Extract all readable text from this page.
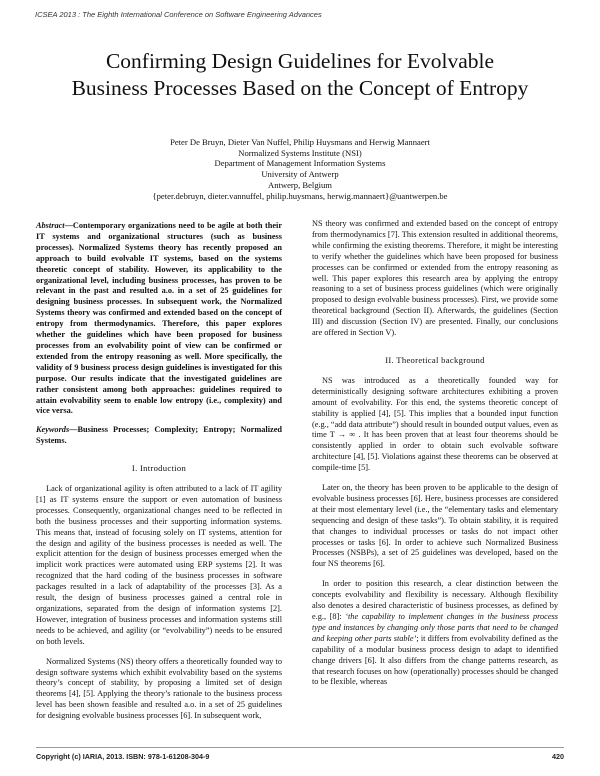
ICSEA 2013 : The Eighth International Conference on Software Engineering Advances
Confirming Design Guidelines for Evolvable
Business Processes Based on the Concept of Entropy
Peter De Bruyn, Dieter Van Nuffel, Philip Huysmans and Herwig Mannaert
Normalized Systems Institute (NSI)
Department of Management Information Systems
University of Antwerp
Antwerp, Belgium
{peter.debruyn, dieter.vannuffel, philip.huysmans, herwig.mannaert}@uantwerpen.be

Abstract—Contemporary organizations need to be agile at both their IT systems and organizational structures (such as business processes). Normalized Systems theory has recently proposed an approach to build evolvable IT systems, based on the systems theoretic concept of stability. However, its applicability to the organizational level, including business processes, has proven to be relevant in the past and resulted a.o. in a set of 25 guidelines for designing business processes. In subsequent work, the Normalized Systems theory was confirmed and extended based on the concept of entropy from thermodynamics. Therefore, this paper explores whether the guidelines which have been proposed for business processes from an evolvability point of view can be confirmed or extended from the entropy reasoning as well. More specifically, the validity of 9 business process design guidelines is investigated for this purpose. Our results indicate that the investigated guidelines are rather consistent among both approaches: guidelines required to attain evolvability seem to enable low entropy (i.e., complexity) and vice versa.

Keywords—Business Processes; Complexity; Entropy; Normalized Systems.

I. Introduction

Lack of organizational agility is often attributed to a lack of IT agility [1] as IT systems ensure the support or even automation of business processes. Consequently, organizational changes need to be reflected in both the business processes and their supporting information systems. This means that, instead of focusing solely on IT systems, attention for the design and agility of the business processes is needed as well. The explicit attention for the design of business processes emerged when the implicit work practices were automated using ERP systems [2]. It was recognized that the hard coding of the business processes in software packages resulted in a lack of adaptability of the processes [3]. As a result, the design of business processes gained a central role in organizations, separated from the design of information systems [2]. However, integration of business processes and information systems still needs to be achieved, and agility (or “evolvability”) needs to be ensured on both levels.

Normalized Systems (NS) theory offers a theoretically founded way to design software systems which exhibit evolvability based on the systems theory’s concept of stability, by proposing a limited set of design theorems [4], [5]. Applying the theory’s rationale to the business process level has been shown feasible and resulted a.o. in a set of 25 guidelines for designing evolvable business processes [6]. In subsequent work,

NS theory was confirmed and extended based on the concept of entropy from thermodynamics [7]. This extension resulted in additional theorems, while confirming the existing theorems. Therefore, it might be interesting to verify whether the guidelines which have been proposed for business processes can be confirmed or extended from the entropy reasoning as well. This paper explores this research area by applying the entropy reasoning to a set of business process guidelines (which were originally proposed to design evolvable business processes). First, we provide some theoretical background (Section II). Afterwards, the guidelines (Section III) and discussion (Section IV) are presented. Finally, our conclusions are offered in Section V).

II. Theoretical background

NS was introduced as a theoretically founded way for deterministically designing software architectures exhibiting a proven amount of evolvability. For this end, the systems theoretic concept of stability is applied [4], [5]. This implies that a bounded input function (e.g., “add data attribute”) should result in bounded output values, even as time T → ∞ . It has been proven that at least four theorems should be consistently applied in order to obtain such evolvable software architecture [4], [5]. Violations against these theorems can be observed at compile-time [5].

Later on, the theory has been proven to be applicable to the design of evolvable business processes [6]. Here, business processes are considered at their most elementary level (i.e., the “elementary tasks and elementary sequencing and design of these tasks”). To obtain stability, it is required that changes to individual processes or tasks do not impact other processes or tasks [6]. In order to achieve such Normalized Business Processes (NSBPs), a set of 25 guidelines was developed, based on the four NS theorems [6].

In order to position this research, a clear distinction between the concepts evolvability and flexibility is necessary. Although flexibility also denotes a desired characteristic of business processes, as defined by e.g., [8]: ‘the capability to implement changes in the business process type and instances by changing only those parts that need to be changed and keeping other parts stable’; it differs from evolvability defined as the capability of a modular business process design to adapt to identified change drivers [6]. It also differs from the change patterns research, as that research focuses on how (operationally) processes should be changed to be flexible, whereas

Copyright (c) IARIA, 2013. ISBN: 978-1-61208-304-9	420
